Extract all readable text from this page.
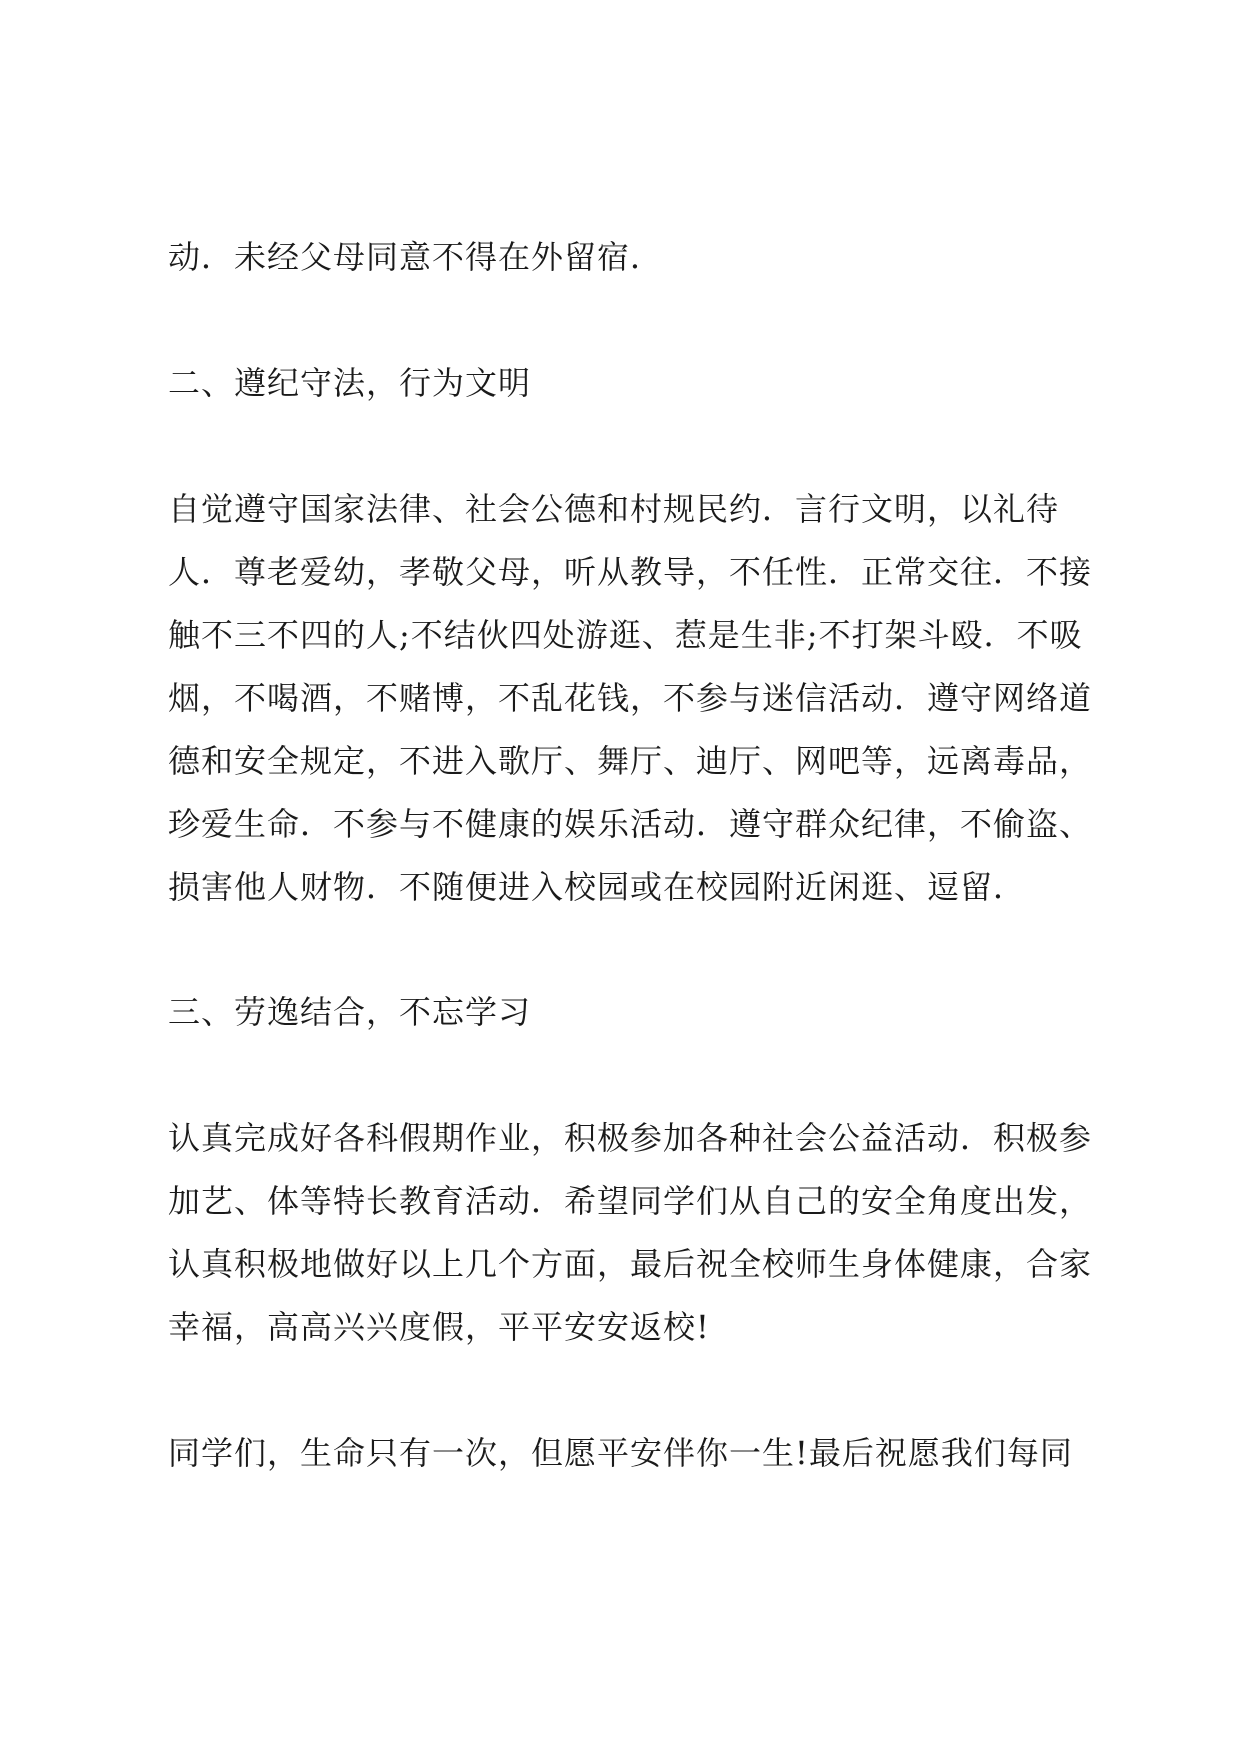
动．未经父母同意不得在外留宿．
二、遵纪守法，行为文明
自觉遵守国家法律、社会公德和村规民约．言行文明，以礼待
人．尊老爱幼，孝敬父母，听从教导，不任性．正常交往．不接
触不三不四的人;不结伙四处游逛、惹是生非;不打架斗殴．不吸
烟，不喝酒，不赌博，不乱花钱，不参与迷信活动．遵守网络道
德和安全规定，不进入歌厅、舞厅、迪厅、网吧等，远离毒品，
珍爱生命．不参与不健康的娱乐活动．遵守群众纪律，不偷盗、
损害他人财物．不随便进入校园或在校园附近闲逛、逗留．
三、劳逸结合，不忘学习
认真完成好各科假期作业，积极参加各种社会公益活动．积极参
加艺、体等特长教育活动．希望同学们从自己的安全角度出发，
认真积极地做好以上几个方面，最后祝全校师生身体健康，合家
幸福，高高兴兴度假，平平安安返校!
同学们，生命只有一次，但愿平安伴你一生!最后祝愿我们每同
